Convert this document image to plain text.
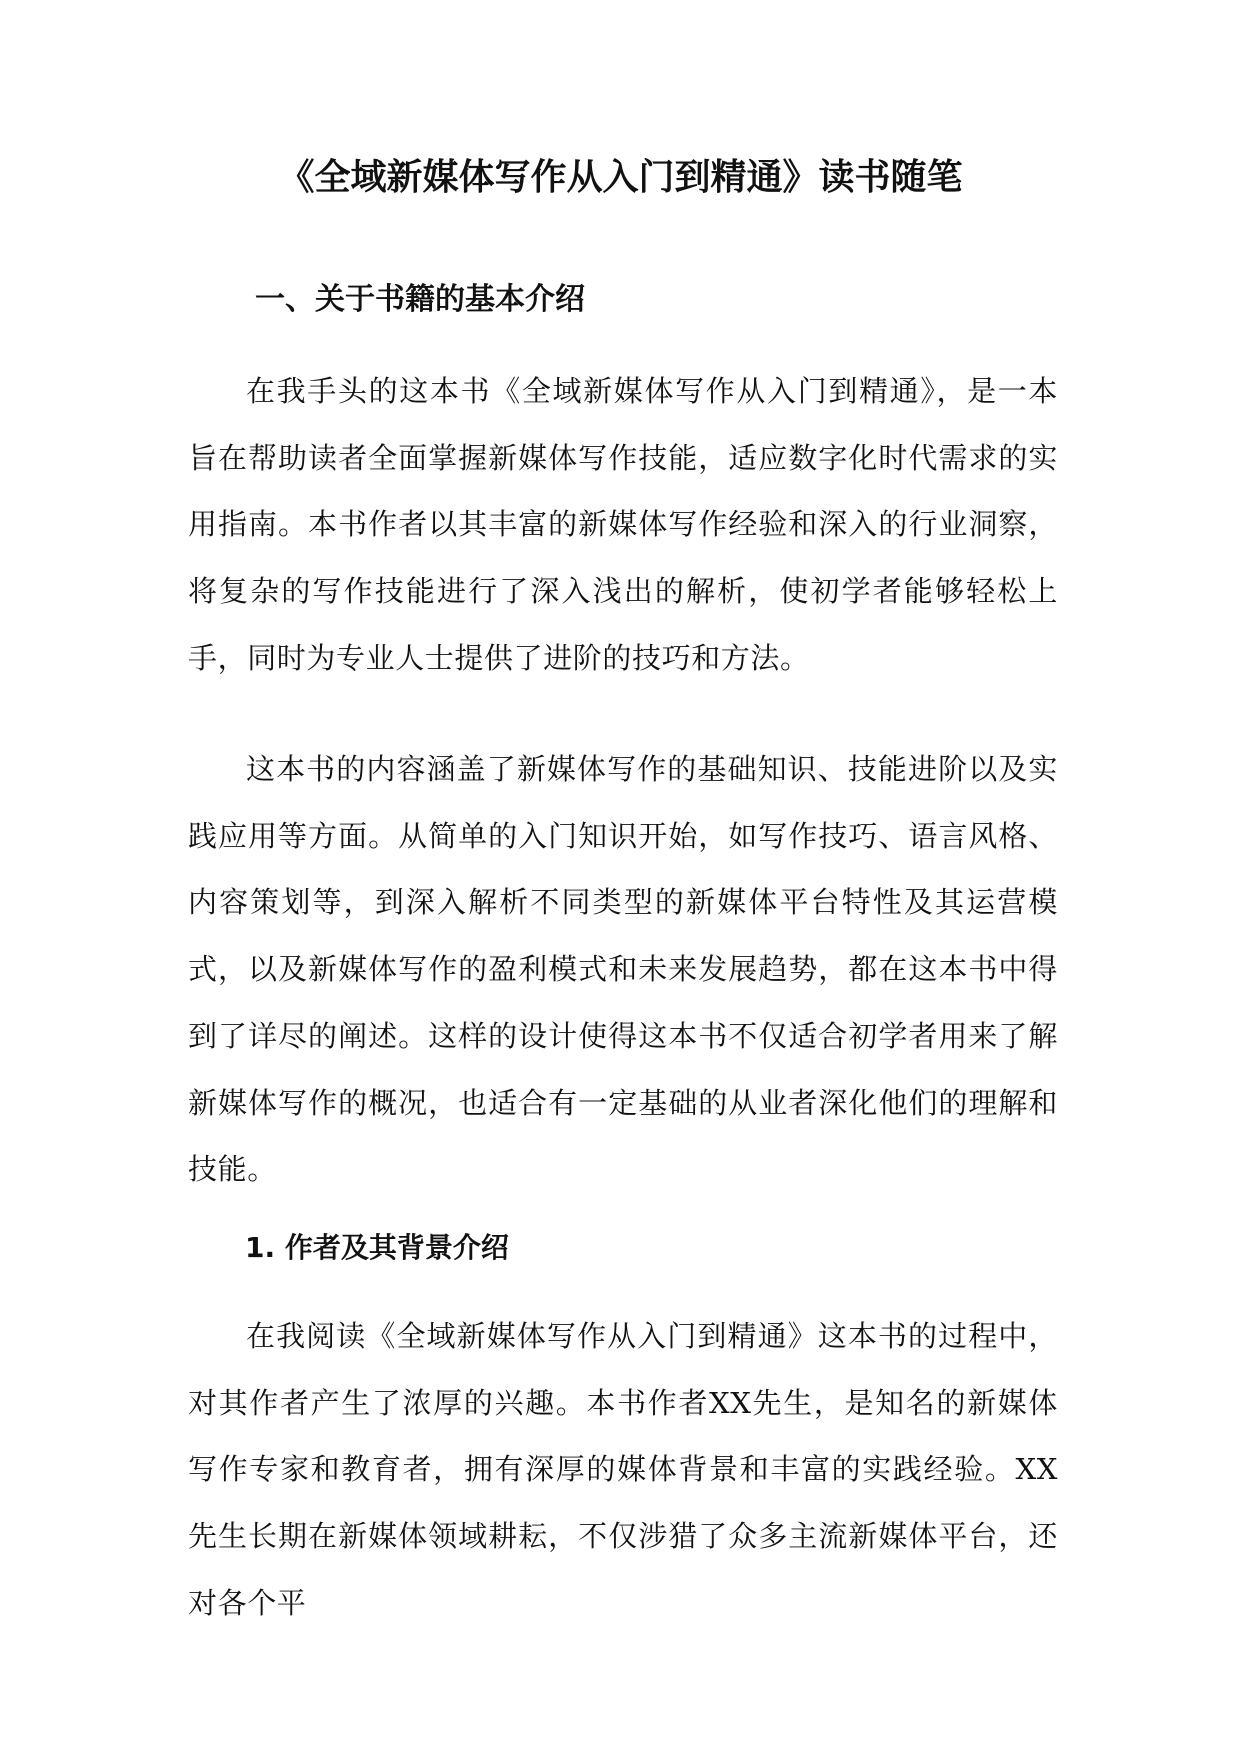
《全域新媒体写作从入门到精通》读书随笔
一、关于书籍的基本介绍

在我手头的这本书《全域新媒体写作从入门到精通》，是一本旨在帮助读者全面掌握新媒体写作技能，适应数字化时代需求的实用指南。本书作者以其丰富的新媒体写作经验和深入的行业洞察，将复杂的写作技能进行了深入浅出的解析，使初学者能够轻松上手，同时为专业人士提供了进阶的技巧和方法。

这本书的内容涵盖了新媒体写作的基础知识、技能进阶以及实践应用等方面。从简单的入门知识开始，如写作技巧、语言风格、内容策划等，到深入解析不同类型的新媒体平台特性及其运营模式，以及新媒体写作的盈利模式和未来发展趋势，都在这本书中得到了详尽的阐述。这样的设计使得这本书不仅适合初学者用来了解新媒体写作的概况，也适合有一定基础的从业者深化他们的理解和技能。

1. 作者及其背景介绍

在我阅读《全域新媒体写作从入门到精通》这本书的过程中，对其作者产生了浓厚的兴趣。本书作者XX先生，是知名的新媒体写作专家和教育者，拥有深厚的媒体背景和丰富的实践经验。XX先生长期在新媒体领域耕耘，不仅涉猎了众多主流新媒体平台，还对各个平
